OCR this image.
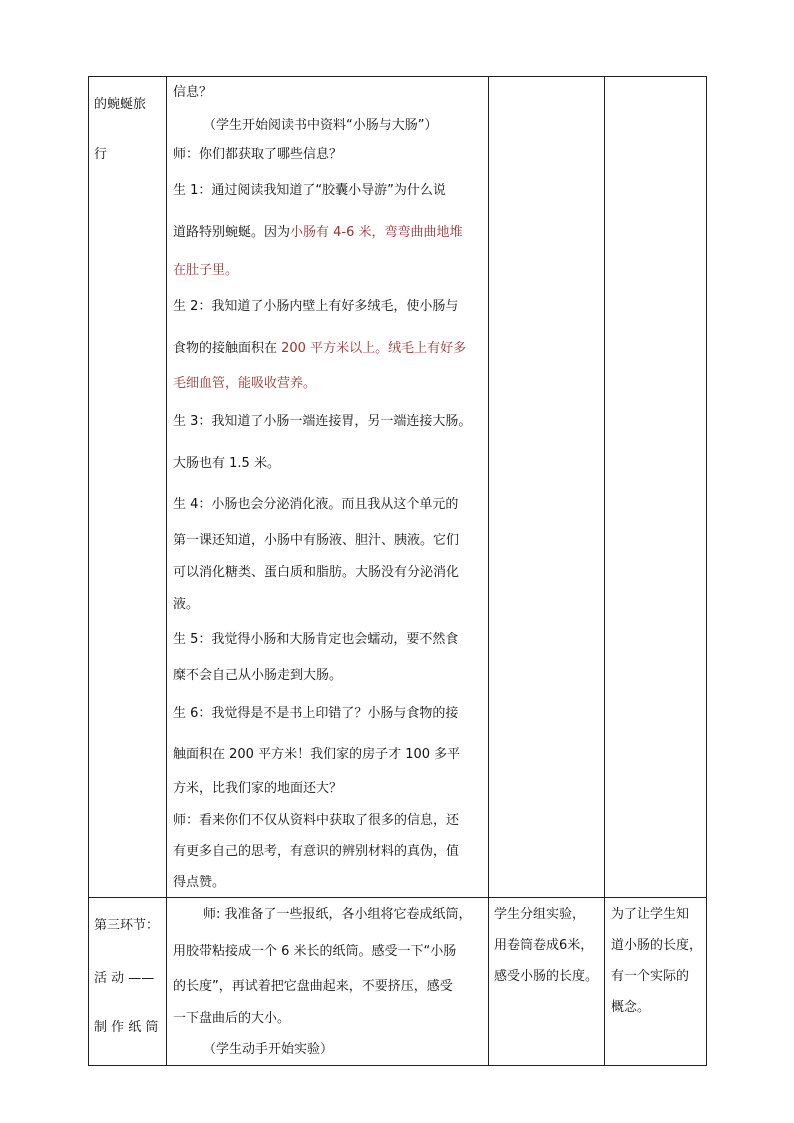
的蜿蜒旅
行
信息？
（学生开始阅读书中资料“小肠与大肠”）
师：你们都获取了哪些信息？
生 1：通过阅读我知道了“胶囊小导游”为什么说
道路特别蜿蜒。因为小肠有 4-6 米，弯弯曲曲地堆
在肚子里。
生 2：我知道了小肠内壁上有好多绒毛，使小肠与
食物的接触面积在 200 平方米以上。绒毛上有好多
毛细血管，能吸收营养。
生 3：我知道了小肠一端连接胃，另一端连接大肠。
大肠也有 1.5 米。
生 4：小肠也会分泌消化液。而且我从这个单元的
第一课还知道，小肠中有肠液、胆汁、胰液。它们
可以消化糖类、蛋白质和脂肪。大肠没有分泌消化
液。
生 5：我觉得小肠和大肠肯定也会蠕动，要不然食
糜不会自己从小肠走到大肠。
生 6：我觉得是不是书上印错了？小肠与食物的接
触面积在 200 平方米！我们家的房子才 100 多平
方米，比我们家的地面还大？
师：看来你们不仅从资料中获取了很多的信息，还
有更多自己的思考，有意识的辨别材料的真伪，值
得点赞。
第三环节：
活 动 ——
制 作 纸 筒
师: 我准备了一些报纸，各小组将它卷成纸筒，
用胶带粘接成一个 6 米长的纸筒。感受一下“小肠
的长度”，再试着把它盘曲起来，不要挤压，感受
一下盘曲后的大小。
（学生动手开始实验）
学生分组实验，
用卷筒卷成6米，
感受小肠的长度。
为了让学生知
道小肠的长度，
有一个实际的
概念。
